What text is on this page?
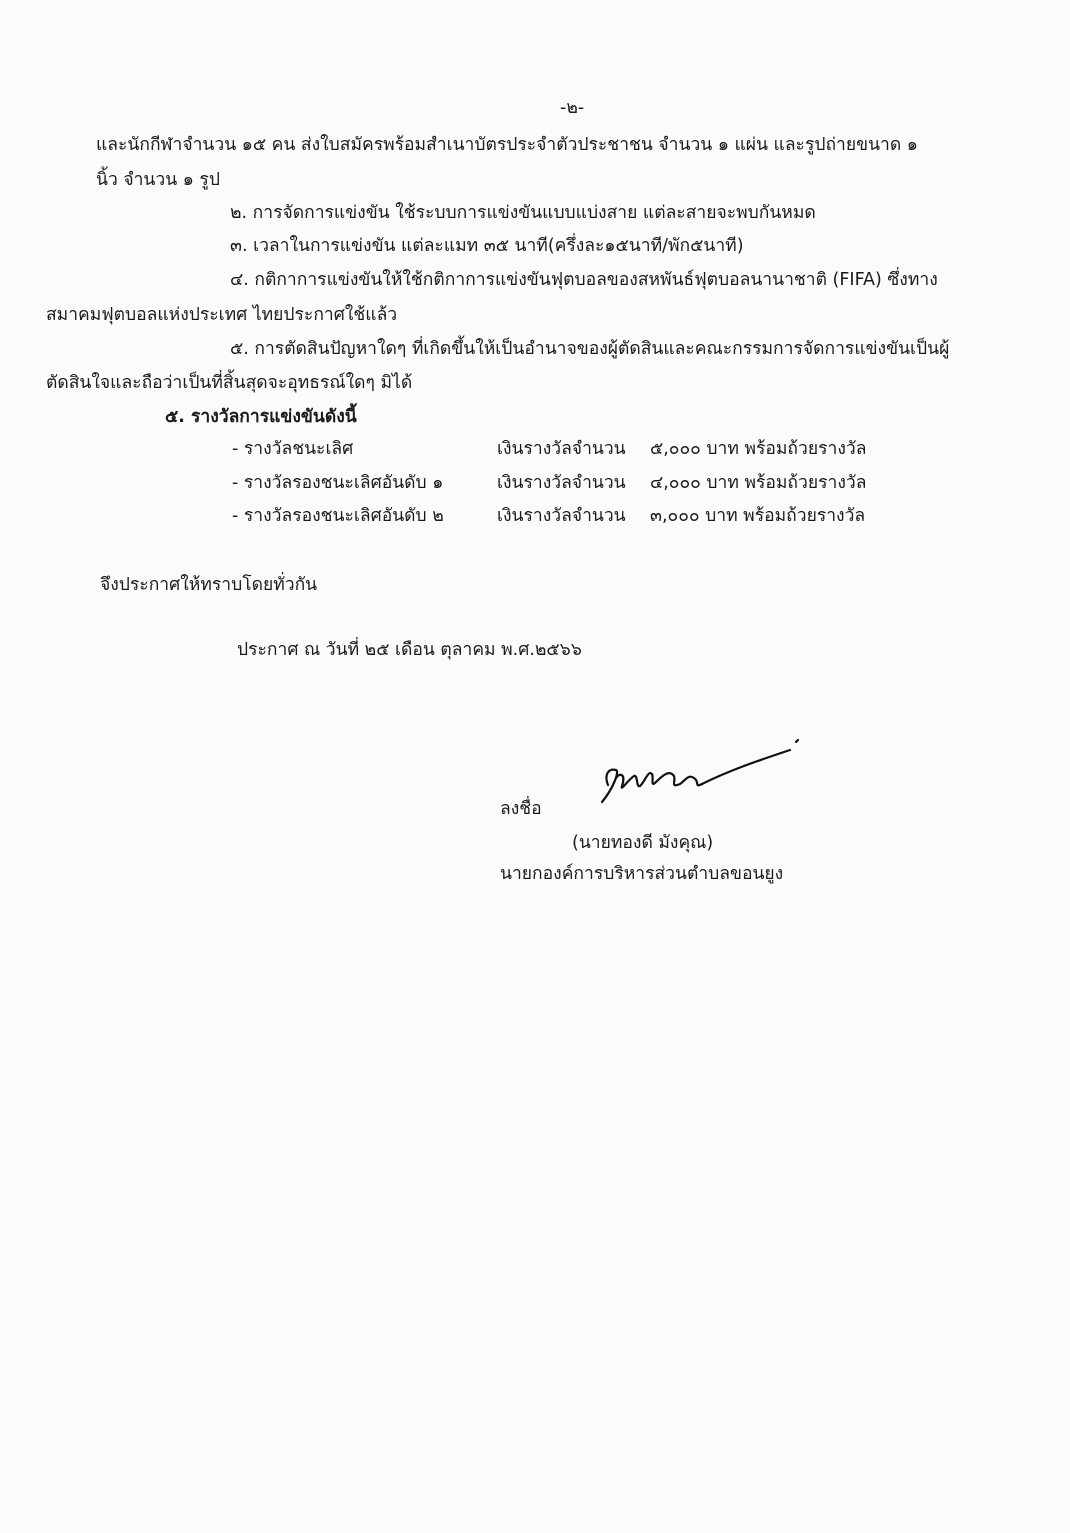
-๒-
และนักกีฬาจำนวน ๑๕ คน ส่งใบสมัครพร้อมสำเนาบัตรประจำตัวประชาชน จำนวน ๑ แผ่น และรูปถ่ายขนาด ๑
นิ้ว จำนวน ๑ รูป
๒. การจัดการแข่งขัน ใช้ระบบการแข่งขันแบบแบ่งสาย แต่ละสายจะพบกันหมด
๓. เวลาในการแข่งขัน แต่ละแมท ๓๕ นาที(ครึ่งละ๑๕นาที/พัก๕นาที)
๔. กติกาการแข่งขันให้ใช้กติกาการแข่งขันฟุตบอลของสหพันธ์ฟุตบอลนานาชาติ (FIFA) ซึ่งทาง
สมาคมฟุตบอลแห่งประเทศ ไทยประกาศใช้แล้ว
๕. การตัดสินปัญหาใดๆ ที่เกิดขึ้นให้เป็นอำนาจของผู้ตัดสินและคณะกรรมการจัดการแข่งขันเป็นผู้
ตัดสินใจและถือว่าเป็นที่สิ้นสุดจะอุทธรณ์ใดๆ มิได้
๕. รางวัลการแข่งขันดังนี้
- รางวัลชนะเลิศ	เงินรางวัลจำนวน ๕,๐๐๐ บาท พร้อมถ้วยรางวัล
- รางวัลรองชนะเลิศอันดับ ๑	เงินรางวัลจำนวน ๔,๐๐๐ บาท พร้อมถ้วยรางวัล
- รางวัลรองชนะเลิศอันดับ ๒	เงินรางวัลจำนวน ๓,๐๐๐ บาท พร้อมถ้วยรางวัล
จึงประกาศให้ทราบโดยทั่วกัน
ประกาศ ณ วันที่ ๒๕ เดือน ตุลาคม พ.ศ.๒๕๖๖
ลงชื่อ
(นายทองดี มังคุณ)
นายกองค์การบริหารส่วนตำบลขอนยูง
